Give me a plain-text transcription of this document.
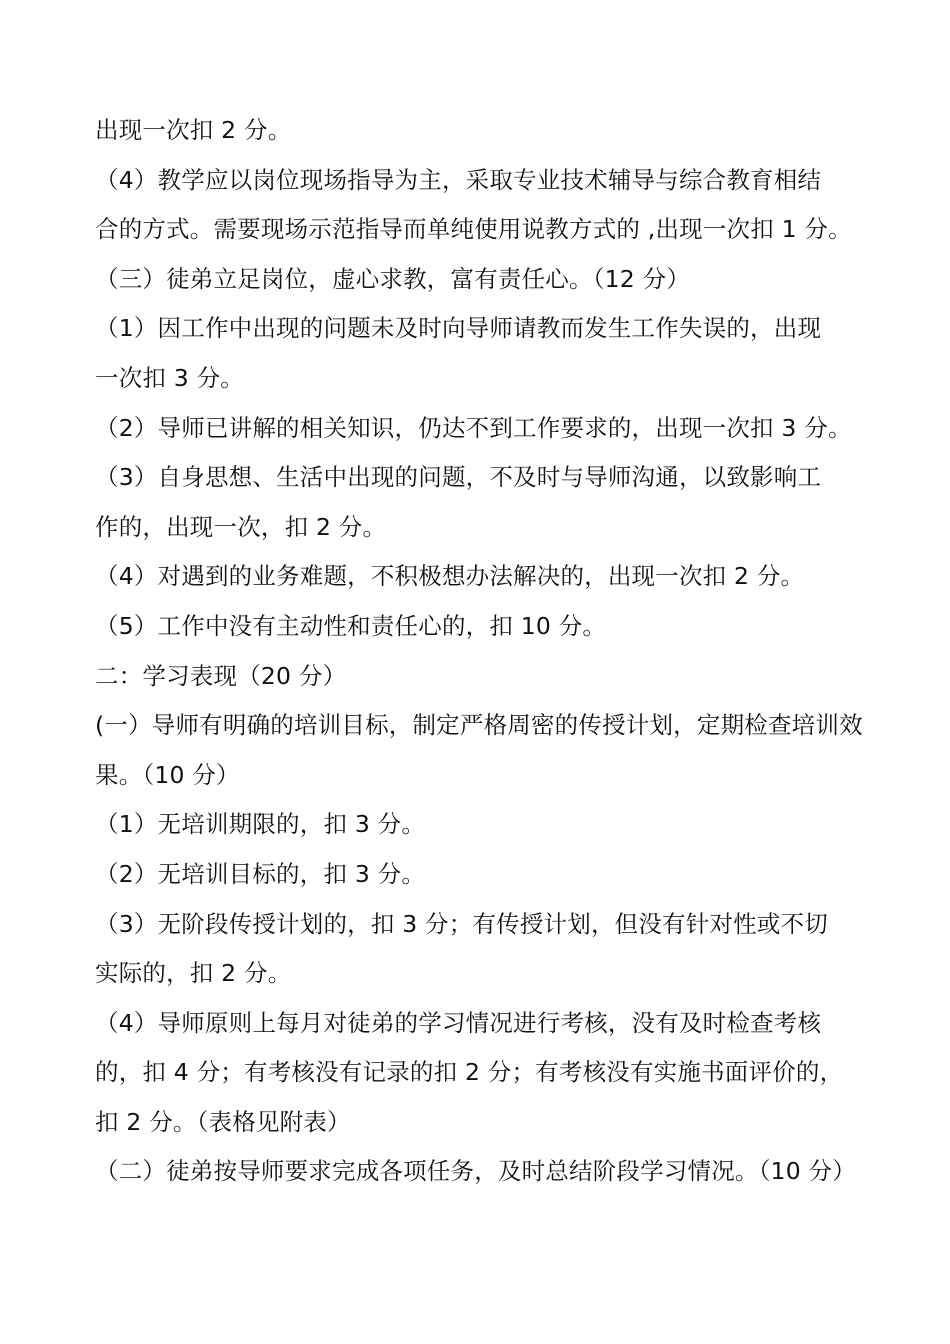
出现一次扣 2 分。
（4）教学应以岗位现场指导为主，采取专业技术辅导与综合教育相结
合的方式。需要现场示范指导而单纯使用说教方式的 ,出现一次扣 1 分。
（三）徒弟立足岗位，虚心求教，富有责任心。（12 分）
（1）因工作中出现的问题未及时向导师请教而发生工作失误的，出现
一次扣 3 分。
（2）导师已讲解的相关知识，仍达不到工作要求的，出现一次扣 3 分。
（3）自身思想、生活中出现的问题，不及时与导师沟通，以致影响工
作的，出现一次，扣 2 分。
（4）对遇到的业务难题，不积极想办法解决的，出现一次扣 2 分。
（5）工作中没有主动性和责任心的，扣 10 分。
二：学习表现（20 分）
(一）导师有明确的培训目标，制定严格周密的传授计划，定期检查培训效
果。（10 分）
（1）无培训期限的，扣 3 分。
（2）无培训目标的，扣 3 分。
（3）无阶段传授计划的，扣 3 分；有传授计划，但没有针对性或不切
实际的，扣 2 分。
（4）导师原则上每月对徒弟的学习情况进行考核，没有及时检查考核
的，扣 4 分；有考核没有记录的扣 2 分；有考核没有实施书面评价的，
扣 2 分。（表格见附表）
（二）徒弟按导师要求完成各项任务，及时总结阶段学习情况。（10 分）
